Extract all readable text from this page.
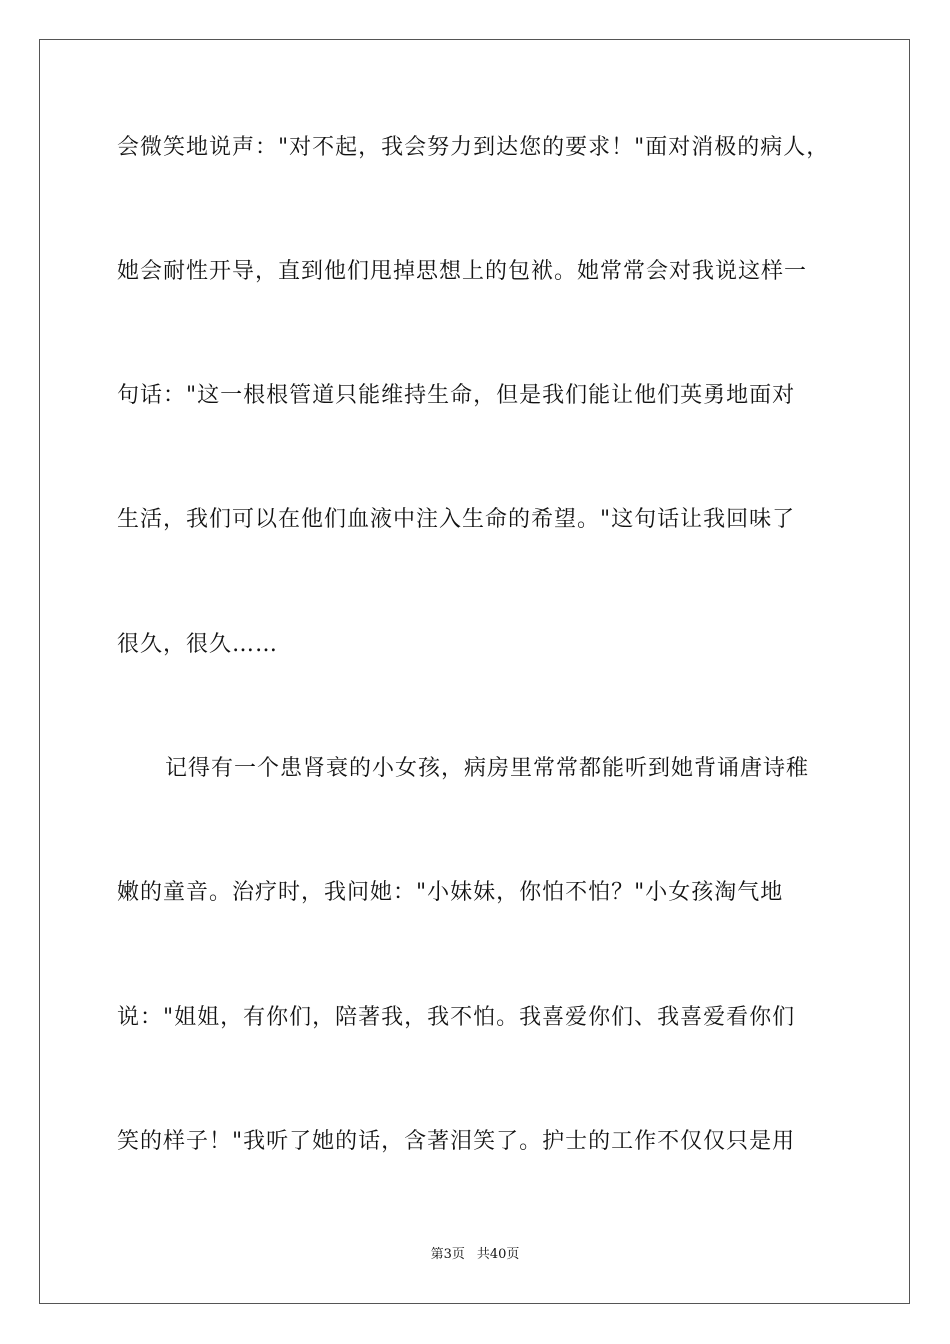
会微笑地说声："对不起，我会努力到达您的要求！"面对消极的病人，
她会耐性开导，直到他们甩掉思想上的包袱。她常常会对我说这样一
句话："这一根根管道只能维持生命，但是我们能让他们英勇地面对
生活，我们可以在他们血液中注入生命的希望。"这句话让我回味了
很久，很久……
记得有一个患肾衰的小女孩，病房里常常都能听到她背诵唐诗稚
嫩的童音。治疗时，我问她："小妹妹，你怕不怕？"小女孩淘气地
说："姐姐，有你们，陪著我，我不怕。我喜爱你们、我喜爱看你们
笑的样子！"我听了她的话，含著泪笑了。护士的工作不仅仅只是用
第3页 共40页
